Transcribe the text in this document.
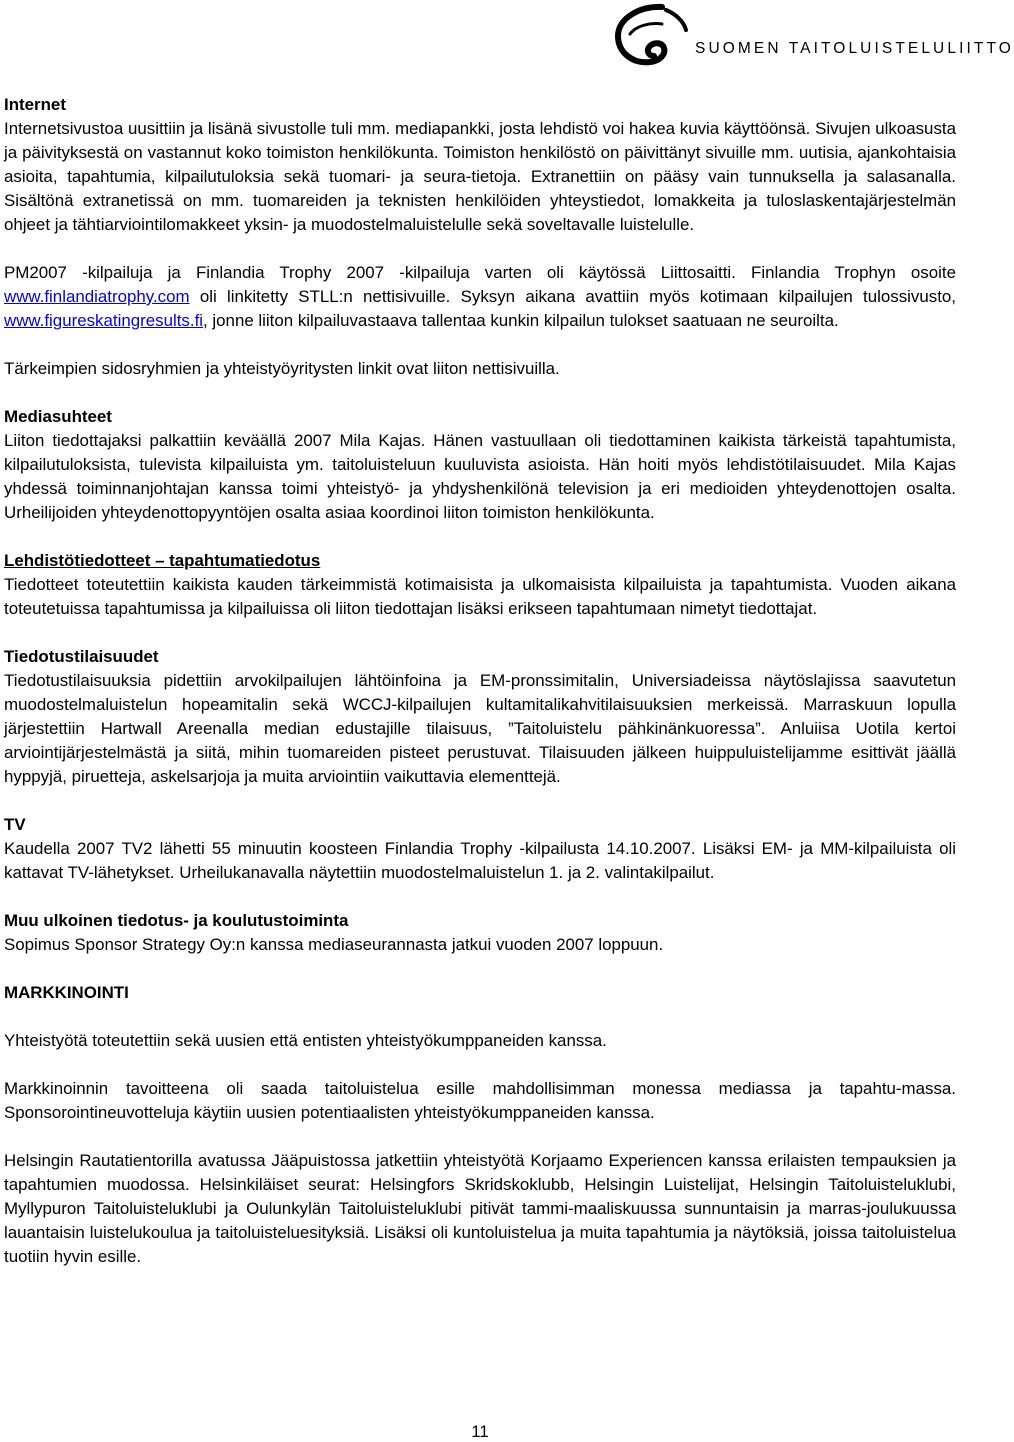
SUOMEN TAITOLUISTELULIITTO

Internet

Internetsivustoa uusittiin ja lisänä sivustolle tuli mm. mediapankki, josta lehdistö voi hakea kuvia käyttöönsä. Sivujen ulkoasusta ja päivityksestä on vastannut koko toimiston henkilökunta. Toimiston henkilöstö on päivittänyt sivuille mm. uutisia, ajankohtaisia asioita, tapahtumia, kilpailutuloksia sekä tuomari- ja seura-tietoja. Extranettiin on pääsy vain tunnuksella ja salasanalla. Sisältönä extranetissä on mm. tuomareiden ja teknisten henkilöiden yhteystiedot, lomakkeita ja tuloslaskentajärjestelmän ohjeet ja tähtiarviointilomakkeet yksin- ja muodostelmaluistelulle sekä soveltavalle luistelulle.

PM2007 -kilpailuja ja Finlandia Trophy 2007 -kilpailuja varten oli käytössä Liittosaitti. Finlandia Trophyn osoite www.finlandiatrophy.com oli linkitetty STLL:n nettisivuille. Syksyn aikana avattiin myös kotimaan kilpailujen tulossivusto, www.figureskatingresults.fi, jonne liiton kilpailuvastaava tallentaa kunkin kilpailun tulokset saatuaan ne seuroilta.

Tärkeimpien sidosryhmien ja yhteistyöyritysten linkit ovat liiton nettisivuilla.

Mediasuhteet

Liiton tiedottajaksi palkattiin keväällä 2007 Mila Kajas. Hänen vastuullaan oli tiedottaminen kaikista tärkeistä tapahtumista, kilpailutuloksista, tulevista kilpailuista ym. taitoluisteluun kuuluvista asioista. Hän hoiti myös lehdistötilaisuudet. Mila Kajas yhdessä toiminnanjohtajan kanssa toimi yhteistyö- ja yhdyshenkilönä television ja eri medioiden yhteydenottojen osalta. Urheilijoiden yhteydenottopyyntöjen osalta asiaa koordinoi liiton toimiston henkilökunta.

Lehdistötiedotteet – tapahtumatiedotus

Tiedotteet toteutettiin kaikista kauden tärkeimmistä kotimaisista ja ulkomaisista kilpailuista ja tapahtumista. Vuoden aikana toteutetuissa tapahtumissa ja kilpailuissa oli liiton tiedottajan lisäksi erikseen tapahtumaan nimetyt tiedottajat.

Tiedotustilaisuudet

Tiedotustilaisuuksia pidettiin arvokilpailujen lähtöinfoina ja EM-pronssimitalin, Universiadeissa näytöslajissa saavutetun muodostelmaluistelun hopeamitalin sekä WCCJ-kilpailujen kultamitalikahvitilaisuuksien merkeissä. Marraskuun lopulla järjestettiin Hartwall Areenalla median edustajille tilaisuus, ”Taitoluistelu pähkinänkuoressa”. Anluiisa Uotila kertoi arviointijärjestelmästä ja siitä, mihin tuomareiden pisteet perustuvat. Tilaisuuden jälkeen huippuluistelijamme esittivät jäällä hyppyjä, piruetteja, askelsarjoja ja muita arviointiin vaikuttavia elementtejä.

TV

Kaudella 2007 TV2 lähetti 55 minuutin koosteen Finlandia Trophy -kilpailusta 14.10.2007. Lisäksi EM- ja MM-kilpailuista oli kattavat TV-lähetykset. Urheilukanavalla näytettiin muodostelmaluistelun 1. ja 2. valintakilpailut.

Muu ulkoinen tiedotus- ja koulutustoiminta

Sopimus Sponsor Strategy Oy:n kanssa mediaseurannasta jatkui vuoden 2007 loppuun.

MARKKINOINTI

Yhteistyötä toteutettiin sekä uusien että entisten yhteistyökumppaneiden kanssa.

Markkinoinnin tavoitteena oli saada taitoluistelua esille mahdollisimman monessa mediassa ja tapahtu-massa. Sponsorointineuvotteluja käytiin uusien potentiaalisten yhteistyökumppaneiden kanssa.

Helsingin Rautatientorilla avatussa Jääpuistossa jatkettiin yhteistyötä Korjaamo Experiencen kanssa erilaisten tempauksien ja tapahtumien muodossa. Helsinkiläiset seurat: Helsingfors Skridskoklubb, Helsingin Luistelijat, Helsingin Taitoluisteluklubi, Myllypuron Taitoluisteluklubi ja Oulunkylän Taitoluisteluklubi pitivät tammi-maaliskuussa sunnuntaisin ja marras-joulukuussa lauantaisin luistelukoulua ja taitoluisteluesityksiä. Lisäksi oli kuntoluistelua ja muita tapahtumia ja näytöksiä, joissa taitoluistelua tuotiin hyvin esille.

11
